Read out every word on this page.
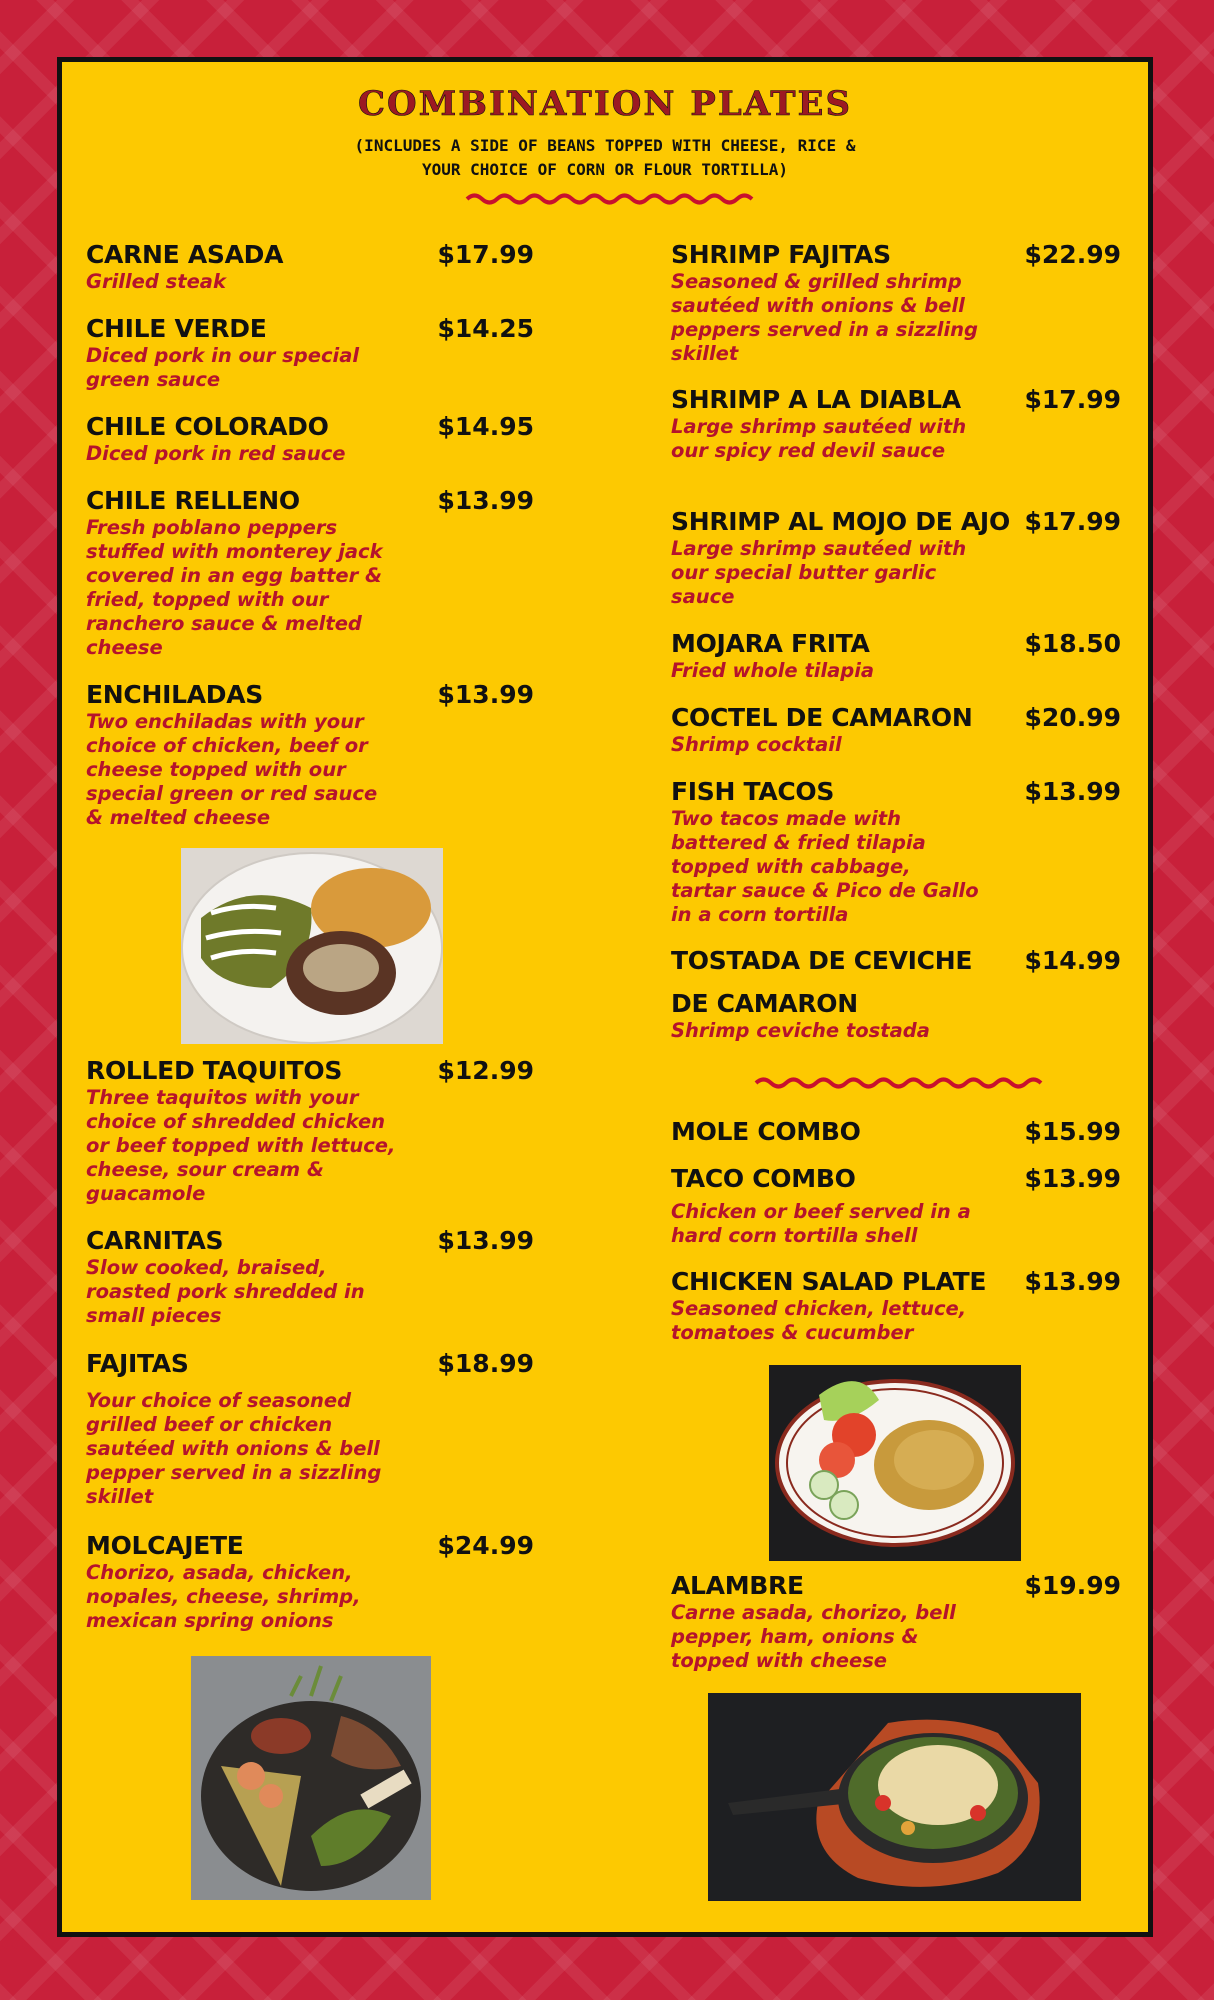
COMBINATION PLATES
(INCLUDES A SIDE OF BEANS TOPPED WITH CHEESE, RICE &
YOUR CHOICE OF CORN OR FLOUR TORTILLA)
CARNE ASADA	$17.99
Grilled steak
CHILE VERDE	$14.25
Diced pork in our special
green sauce
CHILE COLORADO	$14.95
Diced pork in red sauce
CHILE RELLENO	$13.99
Fresh poblano peppers
stuffed with monterey jack
covered in an egg batter &
fried, topped with our
ranchero sauce & melted
cheese
ENCHILADAS	$13.99
Two enchiladas with your
choice of chicken, beef or
cheese topped with our
special green or red sauce
& melted cheese
ROLLED TAQUITOS	$12.99
Three taquitos with your
choice of shredded chicken
or beef topped with lettuce,
cheese, sour cream &
guacamole
CARNITAS	$13.99
Slow cooked, braised,
roasted pork shredded in
small pieces
FAJITAS	$18.99
Your choice of seasoned
grilled beef or chicken
sautéed with onions & bell
pepper served in a sizzling
skillet
MOLCAJETE	$24.99
Chorizo, asada, chicken,
nopales, cheese, shrimp,
mexican spring onions
SHRIMP FAJITAS	$22.99
Seasoned & grilled shrimp
sautéed with onions & bell
peppers served in a sizzling
skillet
SHRIMP A LA DIABLA	$17.99
Large shrimp sautéed with
our spicy red devil sauce
SHRIMP AL MOJO DE AJO $17.99
Large shrimp sautéed with
our special butter garlic
sauce
MOJARA FRITA	$18.50
Fried whole tilapia
COCTEL DE CAMARON	$20.99
Shrimp cocktail
FISH TACOS	$13.99
Two tacos made with
battered & fried tilapia
topped with cabbage,
tartar sauce & Pico de Gallo
in a corn tortilla
TOSTADA DE CEVICHE
DE CAMARON
$14.99
Shrimp ceviche tostada
MOLE COMBO	$15.99
TACO COMBO	$13.99
Chicken or beef served in a
hard corn tortilla shell
CHICKEN SALAD PLATE	$13.99
Seasoned chicken, lettuce,
tomatoes & cucumber
ALAMBRE	$19.99
Carne asada, chorizo, bell
pepper, ham, onions &
topped with cheese
